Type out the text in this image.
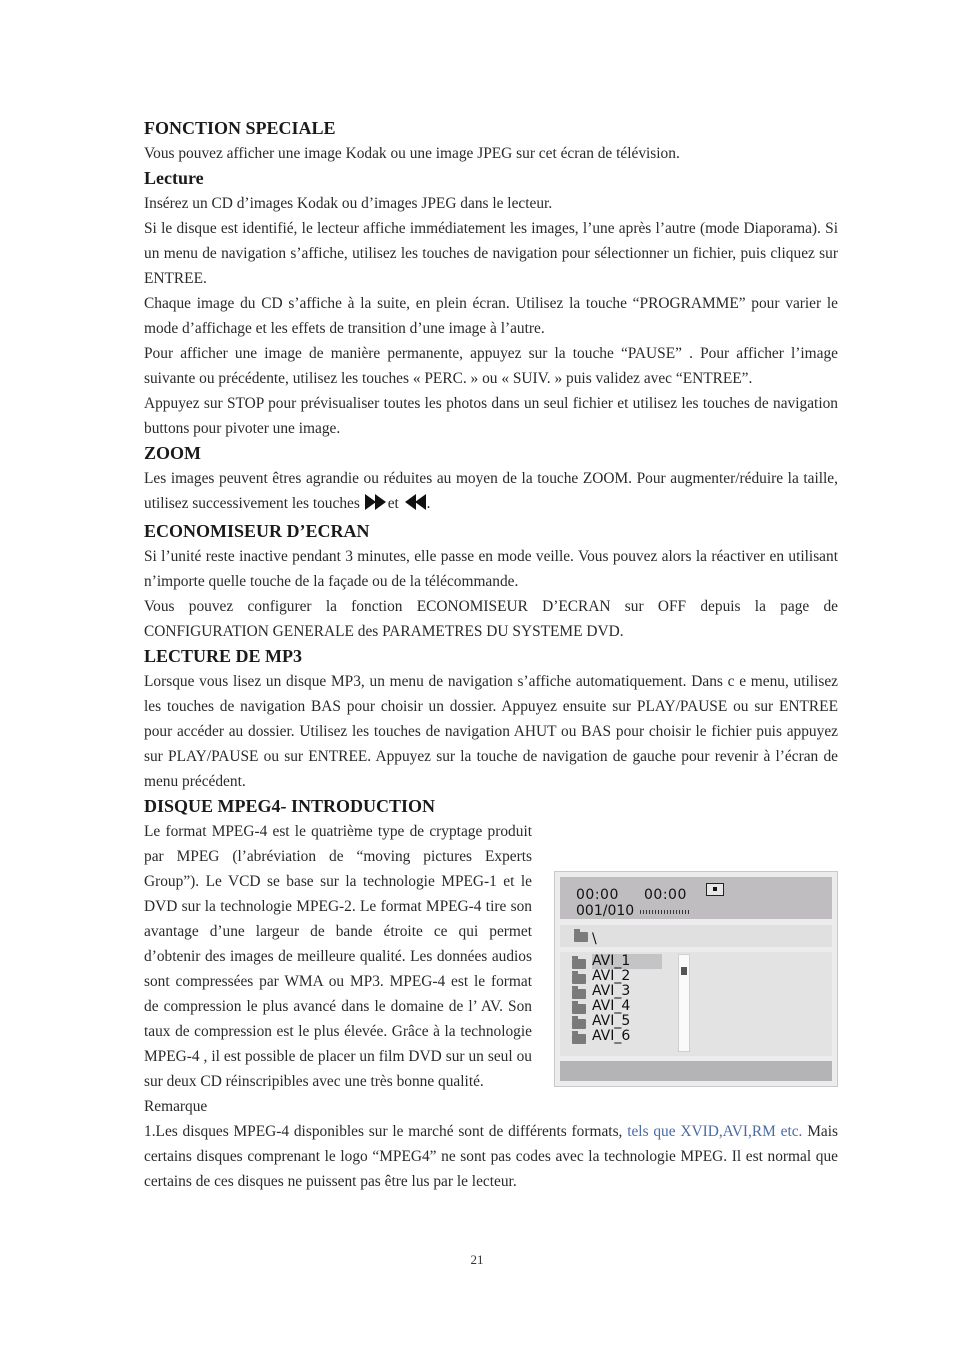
FONCTION SPECIALE

Vous pouvez afficher une image Kodak ou une image JPEG sur cet écran de télévision.

Lecture

Insérez un CD d’images Kodak ou d’images JPEG dans le lecteur.

Si le disque est identifié, le lecteur affiche immédiatement les images, l’une après l’autre (mode Diaporama). Si un menu de navigation s’affiche, utilisez les touches de navigation pour sélectionner un fichier, puis cliquez sur ENTREE.

Chaque image du CD s’affiche à la suite, en plein écran. Utilisez la touche “PROGRAMME” pour varier le mode d’affichage et les effets de transition d’une image à l’autre.

Pour afficher une image de manière permanente, appuyez sur la touche “PAUSE” . Pour afficher l’image suivante ou précédente, utilisez les touches « PERC. » ou « SUIV. » puis validez avec “ENTREE”.

Appuyez sur STOP pour prévisualiser toutes les photos dans un seul fichier et utilisez les touches de navigation buttons pour pivoter une image.

ZOOM

Les images peuvent êtres agrandie ou réduites au moyen de la touche ZOOM. Pour augmenter/réduire la taille, utilisez successivement les touches et .

ECONOMISEUR D’ECRAN

Si l’unité reste inactive pendant 3 minutes, elle passe en mode veille. Vous pouvez alors la réactiver en utilisant n’importe quelle touche de la façade ou de la télécommande.

Vous pouvez configurer la fonction ECONOMISEUR D’ECRAN sur OFF depuis la page de CONFIGURATION GENERALE des PARAMETRES DU SYSTEME DVD.

LECTURE DE MP3

Lorsque vous lisez un disque MP3, un menu de navigation s’affiche automatiquement. Dans c e menu, utilisez les touches de navigation BAS pour choisir un dossier. Appuyez ensuite sur PLAY/PAUSE ou sur ENTREE pour accéder au dossier. Utilisez les touches de navigation AHUT ou BAS pour choisir le fichier puis appuyez sur PLAY/PAUSE ou sur ENTREE. Appuyez sur la touche de navigation de gauche pour revenir à l’écran de menu précédent.

DISQUE MPEG4- INTRODUCTION

00:00 00:00
001/010
\
AVI_1
AVI_2
AVI_3
AVI_4
AVI_5
AVI_6
Le format MPEG-4 est le quatrième type de cryptage produit par MPEG (l’abréviation de “moving pictures Experts Group”). Le VCD se base sur la technologie MPEG-1 et le DVD sur la technologie MPEG-2. Le format MPEG-4 tire son avantage d’une largeur de bande étroite ce qui permet d’obtenir des images de meilleure qualité. Les données audios sont compressées par WMA ou MP3. MPEG-4 est le format de compression le plus avancé dans le domaine de l’ AV. Son taux de compression est le plus élevée. Grâce à la technologie MPEG-4 , il est possible de placer un film DVD sur un seul ou sur deux CD réinscripibles avec une très bonne qualité.

Remarque

1.Les disques MPEG-4 disponibles sur le marché sont de différents formats, tels que XVID,AVI,RM etc. Mais certains disques comprenant le logo “MPEG4” ne sont pas codes avec la technologie MPEG. Il est normal que certains de ces disques ne puissent pas être lus par le lecteur.

21
